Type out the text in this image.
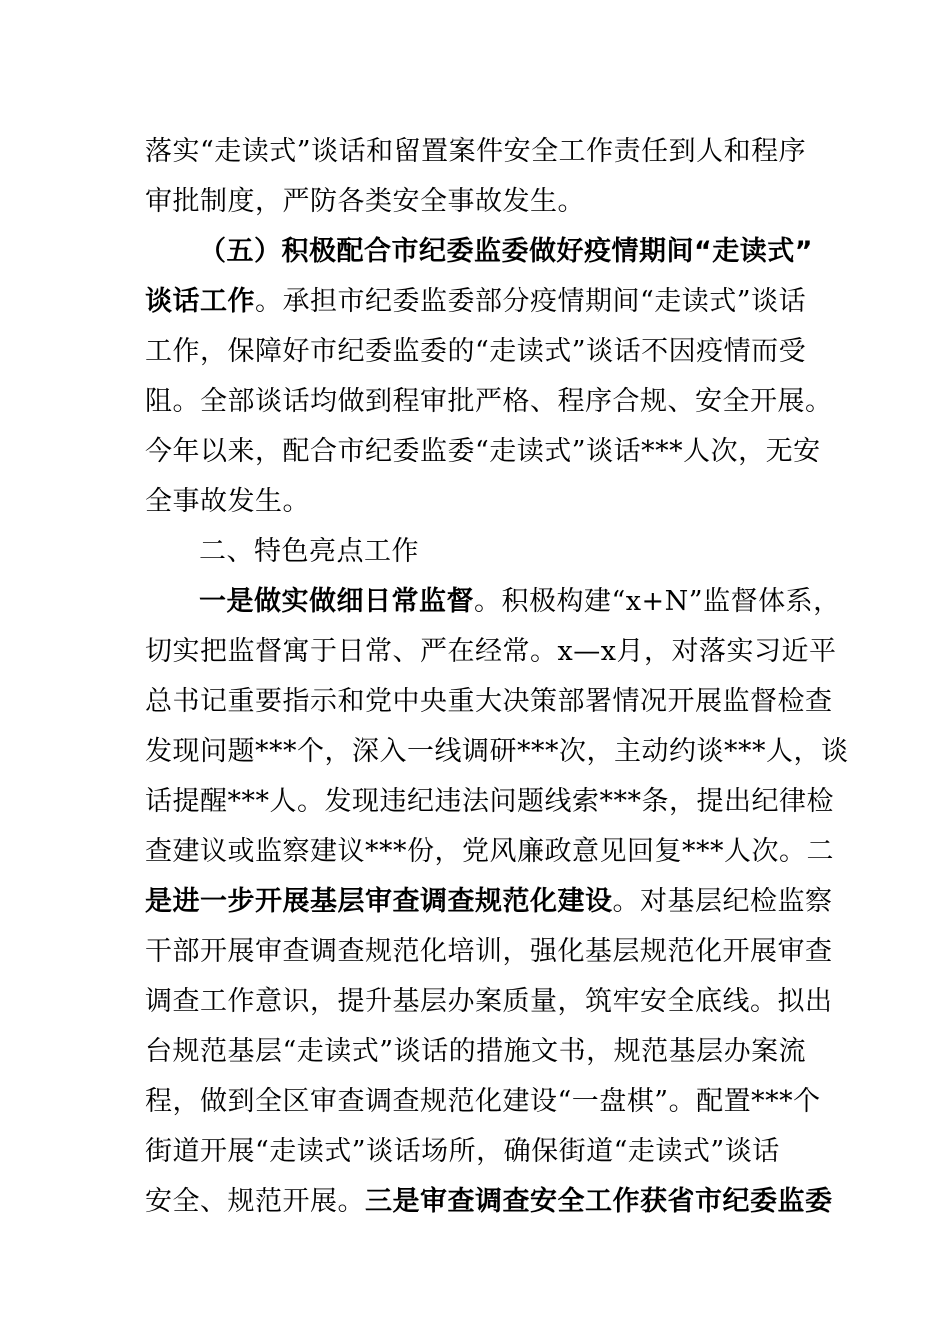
落实“走读式”谈话和留置案件安全工作责任到人和程序
审批制度，严防各类安全事故发生。
（五）积极配合市纪委监委做好疫情期间“走读式”
谈话工作。承担市纪委监委部分疫情期间“走读式”谈话
工作，保障好市纪委监委的“走读式”谈话不因疫情而受
阻。全部谈话均做到程审批严格、程序合规、安全开展。
今年以来，配合市纪委监委“走读式”谈话***人次，无安
全事故发生。
二、特色亮点工作
一是做实做细日常监督。积极构建“x+N”监督体系，
切实把监督寓于日常、严在经常。x—x月，对落实习近平
总书记重要指示和党中央重大决策部署情况开展监督检查
发现问题***个，深入一线调研***次，主动约谈***人，谈
话提醒***人。发现违纪违法问题线索***条，提出纪律检
查建议或监察建议***份，党风廉政意见回复***人次。二
是进一步开展基层审查调查规范化建设。对基层纪检监察
干部开展审查调查规范化培训，强化基层规范化开展审查
调查工作意识，提升基层办案质量，筑牢安全底线。拟出
台规范基层“走读式”谈话的措施文书，规范基层办案流
程，做到全区审查调查规范化建设“一盘棋”。配置***个
街道开展“走读式”谈话场所，确保街道“走读式”谈话
安全、规范开展。三是审查调查安全工作获省市纪委监委
